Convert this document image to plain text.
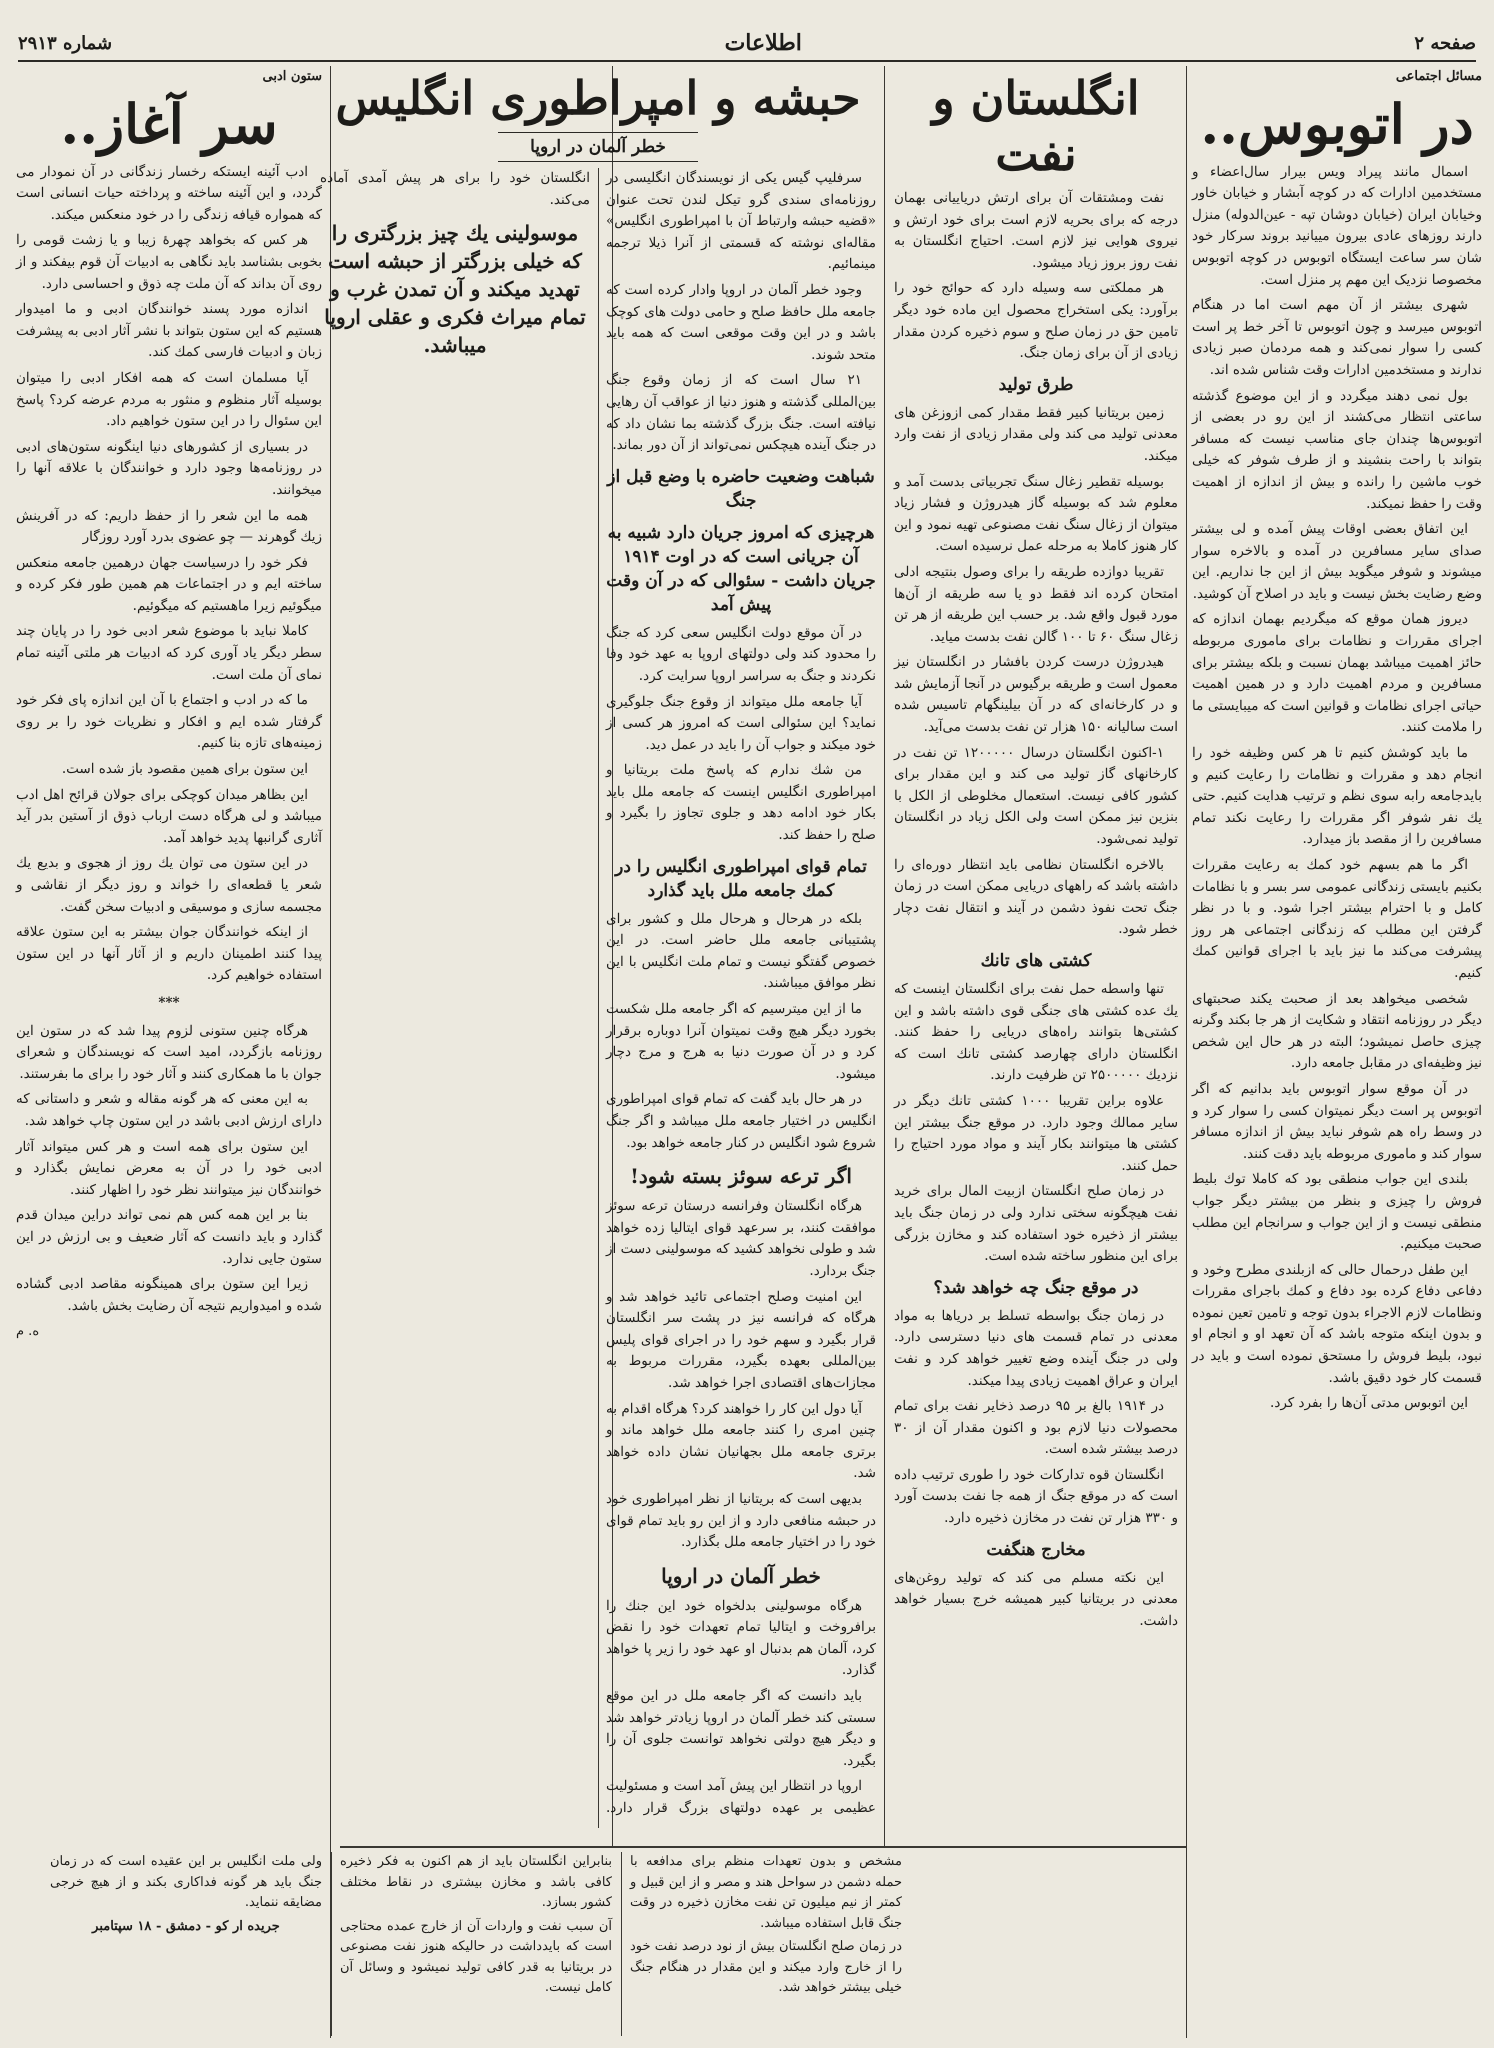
صفحه ۲
اطلاعات
شماره ۲۹۱۳
مسائل اجتماعی
در اتوبوس..

اسمال مانند پیراد ویس بیرار سال‌اعضاء و مستخدمین ادارات که در کوچه آبشار و خیابان خاور وخیابان ایران (خیابان دوشان تپه - عین‌الدوله) منزل دارند روزهای عادی بیرون مییانید بروند سرکار خود شان سر ساعت ایستگاه اتوبوس در کوچه اتوبوس مخصوصا نزدیک این مهم پر منزل است.

شهری بیشتر از آن مهم است اما در هنگام اتوبوس میرسد و چون اتوبوس تا آخر خط پر است کسی را سوار نمی‌کند و همه مردمان صبر زیادی ندارند و مستخدمین ادارات وقت شناس شده اند.

بول نمی دهند میگردد و از این موضوع گذشته ساعتی انتظار می‌کشند از این رو در بعضی از اتوبوس‌ها چندان جای مناسب نیست که مسافر بتواند با راحت بنشیند و از طرف شوفر که خیلی خوب ماشین را رانده و بیش از اندازه از اهمیت وقت را حفظ نمیکند.

این اتفاق بعضی اوقات پیش آمده و لی بیشتر صدای سایر مسافرین در آمده و بالاخره سوار میشوند و شوفر میگوید بیش از این جا نداریم. این وضع رضایت بخش نیست و باید در اصلاح آن کوشید.

دیروز همان موقع که میگردیم بهمان اندازه که اجرای مقررات و نظامات برای ماموری مربوطه حائز اهمیت میباشد بهمان نسبت و بلکه بیشتر برای مسافرین و مردم اهمیت دارد و در همین اهمیت حیاتی اجرای نظامات و قوانین است که میبایستی ما را ملامت کنند.

ما باید کوشش کنیم تا هر کس وظیفه خود را انجام دهد و مقررات و نظامات را رعایت کنیم و بایدجامعه رابه سوی نظم و ترتیب هدایت کنیم. حتی یك نفر شوفر اگر مقررات را رعایت نکند تمام مسافرین را از مقصد باز میدارد.

اگر ما هم بسهم خود کمك به رعایت مقررات بکنیم بایستی زندگانی عمومی سر بسر و با نظامات کامل و با احترام بیشتر اجرا شود. و با در نظر گرفتن این مطلب که زندگانی اجتماعی هر روز پیشرفت می‌کند ما نیز باید با اجرای قوانین کمك کنیم.

شخصی میخواهد بعد از صحبت یکند صحبتهای دیگر در روزنامه انتقاد و شکایت از هر جا بکند وگرنه چیزی حاصل نمیشود؛ البته در هر حال این شخص نیز وظیفه‌ای در مقابل جامعه دارد.

در آن موقع سوار اتوبوس باید بدانیم که اگر اتوبوس پر است دیگر نمیتوان کسی را سوار کرد و در وسط راه هم شوفر نباید بیش از اندازه مسافر سوار کند و ماموری مربوطه باید دقت کنند.

بلندی این جواب منطقی بود که کاملا توك بلیط فروش را چیزی و بنظر من بیشتر دیگر جواب منطقی نیست و از این جواب و سرانجام این مطلب صحبت میکنیم.

این طفل درحمال حالی که ازبلندی مطرح وخود و دفاعی دفاع کرده بود دفاع و کمك باجرای مقررات ونظامات لازم الاجراء بدون توجه و تامین تعین نموده و بدون اینکه متوجه باشد که آن تعهد او و انجام او نبود، بلیط فروش را مستحق نموده است و باید در قسمت کار خود دقیق باشد.

این اتوبوس مدتی آن‌ها را بفرد کرد.

انگلستان و نفت

نفت ومشتقات آن برای ارتش دریاییانی بهمان درجه که برای بحریه لازم است برای خود ارتش و نیروی هوایی نیز لازم است. احتیاج انگلستان به نفت روز بروز زیاد میشود.

هر مملکتی سه وسیله دارد که حوائج خود را برآورد: یکی استخراج محصول این ماده خود دیگر تامین حق در زمان صلح و سوم ذخیره کردن مقدار زیادی از آن برای زمان جنگ.

طرق تولید

زمین بریتانیا کبیر فقط مقدار کمی ازوزغن های معدنی تولید می کند ولی مقدار زیادی از نفت وارد میکند.

بوسیله تقطیر زغال سنگ تجربیاتی بدست آمد و معلوم شد که بوسیله گاز هیدروژن و فشار زیاد میتوان از زغال سنگ نفت مصنوعی تهیه نمود و این کار هنوز کاملا به مرحله عمل نرسیده است.

تقریبا دوازده طریقه را برای وصول بنتیجه ادلی امتحان کرده اند فقط دو یا سه طریقه از آن‌ها مورد قبول واقع شد. بر حسب این طریقه از هر تن زغال سنگ ۶۰ تا ۱۰۰ گالن نفت بدست میاید.

هیدروژن درست کردن بافشار در انگلستان نیز معمول است و طریقه برگیوس در آنجا آزمایش شد و در کارخانه‌ای که در آن بیلینگهام تاسیس شده است سالیانه ۱۵۰ هزار تن نفت بدست می‌آید.

۱-اکنون انگلستان درسال ۱۲۰۰۰۰۰ تن نفت در کارخانهای گاز تولید می کند و این مقدار برای کشور کافی نیست. استعمال مخلوطی از الکل با بنزین نیز ممکن است ولی الکل زیاد در انگلستان تولید نمی‌شود.

بالاخره انگلستان نظامی باید انتظار دوره‌ای را داشته باشد که راههای دریایی ممکن است در زمان جنگ تحت نفوذ دشمن در آیند و انتقال نفت دچار خطر شود.

کشتی های تانك

تنها واسطه حمل نفت برای انگلستان اینست که یك عده کشتی های جنگی قوی داشته باشد و این کشتی‌ها بتوانند راه‌های دریایی را حفظ کنند. انگلستان دارای چهارصد کشتی تانك است که نزدیك ۲۵۰۰۰۰۰ تن ظرفیت دارند.

علاوه براین تقریبا ۱۰۰۰ کشتی تانك دیگر در سایر ممالك وجود دارد. در موقع جنگ بیشتر این کشتی ها میتوانند بکار آیند و مواد مورد احتیاج را حمل کنند.

در زمان صلح انگلستان ازبیت المال برای خرید نفت هیچگونه سختی ندارد ولی در زمان جنگ باید بیشتر از ذخیره خود استفاده کند و مخازن بزرگی برای این منظور ساخته شده است.

در موقع جنگ چه خواهد شد؟

در زمان جنگ بواسطه تسلط بر دریاها به مواد معدنی در تمام قسمت های دنیا دسترسی دارد. ولی در جنگ آینده وضع تغییر خواهد کرد و نفت ایران و عراق اهمیت زیادی پیدا میکند.

در ۱۹۱۴ بالغ بر ۹۵ درصد ذخایر نفت برای تمام محصولات دنیا لازم بود و اکنون مقدار آن از ۳۰ درصد بیشتر شده است.

انگلستان قوه تداركات خود را طوری ترتیب داده است که در موقع جنگ از همه جا نفت بدست آورد و ۳۳۰ هزار تن نفت در مخازن ذخیره دارد.

مخارج هنگفت

این نکته مسلم می کند که تولید روغن‌های معدنی در بریتانیا کبیر همیشه خرج بسیار خواهد داشت.

حبشه و امپراطوری انگلیس
خطر آلمان در اروپا

سرفلیپ گیس یکی از نویسندگان انگلیسی در روزنامه‌ای سندی گرو تیکل لندن تحت عنوان «قضیه حبشه وارتباط آن با امپراطوری انگلیس» مقاله‌ای نوشته که قسمتی از آنرا ذیلا ترجمه مینمائیم.

وجود خطر آلمان در اروپا وادار کرده است که جامعه ملل حافظ صلح و حامی دولت های کوچک باشد و در این وقت موقعی است که همه باید متحد شوند.

۲۱ سال است که از زمان وقوع جنگ بین‌المللی گذشته و هنوز دنیا از عواقب آن رهایی نیافته است. جنگ بزرگ گذشته بما نشان داد که در جنگ آینده هیچکس نمی‌تواند از آن دور بماند.

شباهت وضعیت حاضره با وضع قبل از جنگ
هرچیزی که امروز جریان دارد شبیه به آن جریانی است که در اوت ۱۹۱۴ جریان داشت - سئوالی که در آن وقت پیش آمد

در آن موقع دولت انگلیس سعی کرد که جنگ را محدود کند ولی دولتهای اروپا به عهد خود وفا نکردند و جنگ به سراسر اروپا سرایت کرد.

آیا جامعه ملل میتواند از وقوع جنگ جلوگیری نماید؟ این سئوالی است که امروز هر کسی از خود میکند و جواب آن را باید در عمل دید.

من شك ندارم که پاسخ ملت بریتانیا و امپراطوری انگلیس اینست که جامعه ملل باید بکار خود ادامه دهد و جلوی تجاوز را بگیرد و صلح را حفظ کند.

تمام قوای امپراطوری انگلیس را در کمك جامعه ملل باید گذارد

بلکه در هرحال و هرحال ملل و کشور برای پشتیبانی جامعه ملل حاضر است. در این خصوص گفتگو نیست و تمام ملت انگلیس با این نظر موافق میباشند.

ما از این میترسیم که اگر جامعه ملل شکست بخورد دیگر هیچ وقت نمیتوان آنرا دوباره برقرار کرد و در آن صورت دنیا به هرج و مرج دچار میشود.

در هر حال باید گفت که تمام قوای امپراطوری انگلیس در اختیار جامعه ملل میباشد و اگر جنگ شروع شود انگلیس در کنار جامعه خواهد بود.

اگر ترعه سوئز بسته شود!

هرگاه انگلستان وفرانسه درستان ترعه سوئز موافقت کنند، بر سرعهد قوای ایتالیا زده خواهد شد و طولی نخواهد کشید که موسولینی دست از جنگ بردارد.

این امنیت وصلح اجتماعی تائید خواهد شد و هرگاه که فرانسه نیز در پشت سر انگلستان قرار بگیرد و سهم خود را در اجرای قوای پلیس بین‌المللی بعهده بگیرد، مقررات مربوط به مجازات‌های اقتصادی اجرا خواهد شد.

آیا دول این کار را خواهند کرد؟ هرگاه اقدام به چنین امری را کنند جامعه ملل خواهد ماند و برتری جامعه ملل بجهانیان نشان داده خواهد شد.

بدیهی است که بریتانیا از نظر امپراطوری خود در حبشه منافعی دارد و از این رو باید تمام قوای خود را در اختیار جامعه ملل بگذارد.

خطر آلمان در اروپا

هرگاه موسولینی بدلخواه خود این جنك را برافروخت و ایتالیا تمام تعهدات خود را نقض کرد، آلمان هم بدنبال او عهد خود را زیر پا خواهد گذارد.

باید دانست که اگر جامعه ملل در این موقع سستی کند خطر آلمان در اروپا زیادتر خواهد شد و دیگر هیچ دولتی نخواهد توانست جلوی آن را بگیرد.

اروپا در انتظار این پیش آمد است و مسئولیت عظیمی بر عهده دولتهای بزرگ قرار دارد. انگلستان خود را برای هر پیش آمدی آماده می‌کند.

موسولینی یك چیز بزرگتری را که خیلی بزرگتر از حبشه است تهدید میکند و آن تمدن غرب و تمام میراث فکری و عقلی اروپا میباشد.
ستون ادبی
سر آغاز..

ادب آئینه ایستکه رخسار زندگانی در آن نمودار می گردد، و این آئینه ساخته و پرداخته حیات انسانی است که همواره قیافه زندگی را در خود منعکس میکند.

هر کس که بخواهد چهرهٔ زیبا و یا زشت قومی را بخوبی بشناسد باید نگاهی به ادبیات آن قوم بیفکند و از روی آن بداند که آن ملت چه ذوق و احساسی دارد.

اندازه مورد پسند خوانندگان ادبی و ما امیدوار هستیم که این ستون بتواند با نشر آثار ادبی به پیشرفت زبان و ادبیات فارسی کمك کند.

آیا مسلمان است که همه افکار ادبی را میتوان بوسیله آثار منظوم و منثور به مردم عرضه کرد؟ پاسخ این سئوال را در این ستون خواهیم داد.

در بسیاری از کشورهای دنیا اینگونه ستون‌های ادبی در روزنامه‌ها وجود دارد و خوانندگان با علاقه آنها را میخوانند.

همه ما این شعر را از حفظ داریم: که در آفرینش زیك گوهرند — چو عضوی بدرد آورد روزگار

فکر خود را درسیاست جهان درهمین جامعه منعکس ساخته ایم و در اجتماعات هم همین طور فکر کرده و میگوئیم زیرا ماهستیم که میگوئیم.

کاملا نباید با موضوع شعر ادبی خود را در پایان چند سطر دیگر یاد آوری کرد که ادبیات هر ملتی آئینه تمام نمای آن ملت است.

ما که در ادب و اجتماع با آن این اندازه پای فکر خود گرفتار شده ایم و افکار و نظریات خود را بر روی زمینه‌های تازه بنا کنیم.

این ستون برای همین مقصود باز شده است.

این بظاهر میدان کوچکی برای جولان قرائح اهل ادب میباشد و لی هرگاه دست ارباب ذوق از آستین بدر آید آثاری گرانبها پدید خواهد آمد.

در این ستون می توان یك روز از هجوی و بدیع یك شعر یا قطعه‌ای را خواند و روز دیگر از نقاشی و مجسمه سازی و موسیقی و ادبیات سخن گفت.

از اینکه خوانندگان جوان بیشتر به این ستون علاقه پیدا کنند اطمینان داریم و از آثار آنها در این ستون استفاده خواهیم کرد.

***

هرگاه چنین ستونی لزوم پیدا شد که در ستون این روزنامه بازگردد، امید است که نویسندگان و شعرای جوان با ما همکاری کنند و آثار خود را برای ما بفرستند.

به این معنی که هر گونه مقاله و شعر و داستانی که دارای ارزش ادبی باشد در این ستون چاپ خواهد شد.

این ستون برای همه است و هر کس میتواند آثار ادبی خود را در آن به معرض نمایش بگذارد و خوانندگان نیز میتوانند نظر خود را اظهار کنند.

بنا بر این همه کس هم نمی تواند دراین میدان قدم گذارد و باید دانست که آثار ضعیف و بی ارزش در این ستون جایی ندارد.

زیرا این ستون برای همینگونه مقاصد ادبی گشاده شده و امیدواریم نتیجه آن رضایت بخش باشد.

ه. م

مشخص و بدون تعهدات منظم برای مدافعه با حمله دشمن در سواحل هند و مصر و از این قبیل و کمتر از نیم میلیون تن نفت مخازن ذخیره در وقت جنگ قابل استفاده میباشد.

در زمان صلح انگلستان بیش از نود درصد نفت خود را از خارج وارد میکند و این مقدار در هنگام جنگ خیلی بیشتر خواهد شد.

بنابراین انگلستان باید از هم اکنون به فکر ذخیره کافی باشد و مخازن بیشتری در نقاط مختلف کشور بسازد.

آن سبب نفت و واردات آن از خارج عمده محتاجی است که بایدداشت در حالیکه هنوز نفت مصنوعی در بریتانیا به قدر کافی تولید نمیشود و وسائل آن کامل نیست.

ولی ملت انگلیس بر این عقیده است که در زمان جنگ باید هر گونه فداکاری بکند و از هیچ خرجی مضایقه ننماید.

جریده ار کو - دمشق - ۱۸ سپتامبر
